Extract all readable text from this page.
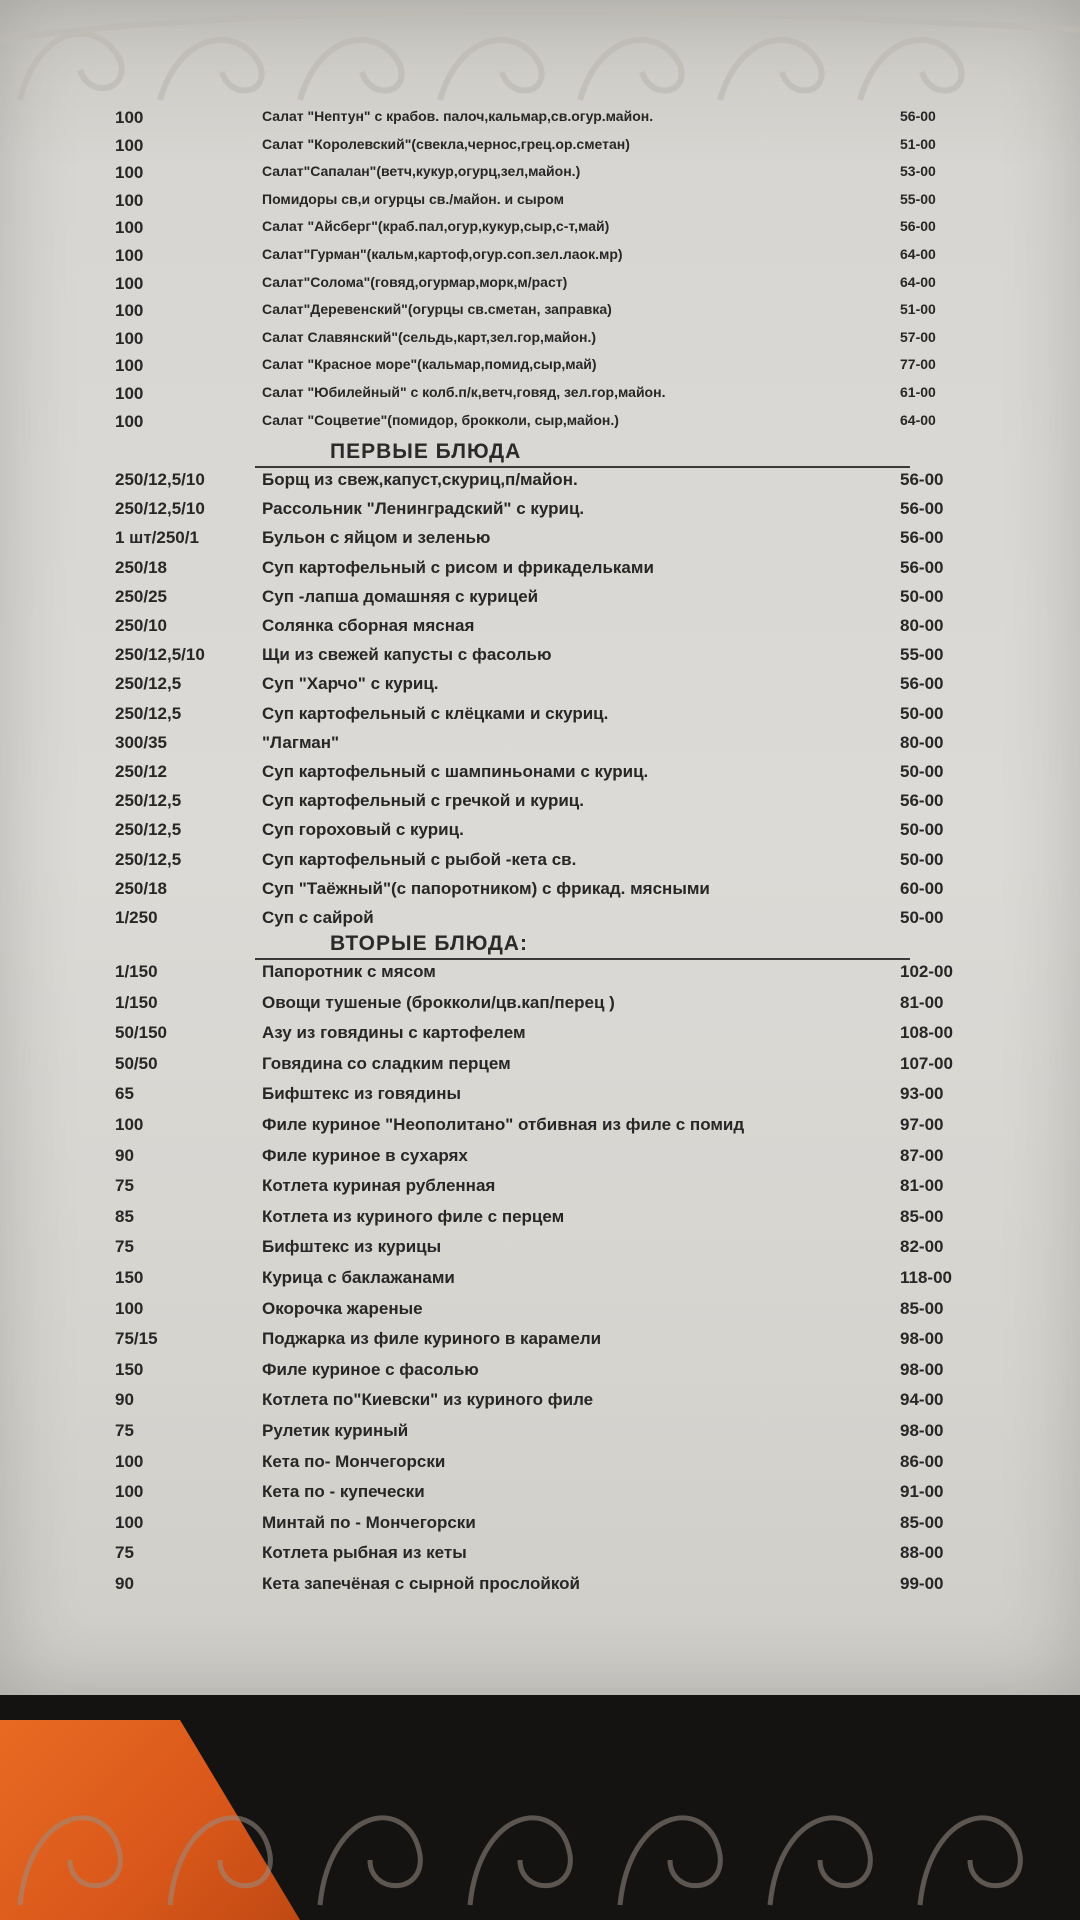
100	Салат "Нептун" с крабов. палоч,кальмар,св.огур.майон.	56-00
100	Салат "Королевский"(свекла,чернос,грец.ор.сметан)	51-00
100	Салат"Сапалан"(ветч,кукур,огурц,зел,майон.)	53-00
100	Помидоры св,и огурцы св./майон. и сыром	55-00
100	Салат "Айсберг"(краб.пал,огур,кукур,сыр,с-т,май)	56-00
100	Салат"Гурман"(кальм,картоф,огур.соп.зел.лаок.мр)	64-00
100	Салат"Солома"(говяд,огурмар,морк,м/раст)	64-00
100	Салат"Деревенский"(огурцы св.сметан, заправка)	51-00
100	Салат Славянский"(сельдь,карт,зел.гор,майон.)	57-00
100	Салат "Красное море"(кальмар,помид,сыр,май)	77-00
100	Салат "Юбилейный" с колб.п/к,ветч,говяд, зел.гор,майон.	61-00
100	Салат "Соцветие"(помидор, брокколи, сыр,майон.)	64-00
ПЕРВЫЕ БЛЮДА
250/12,5/10	Борщ из свеж,капуст,скуриц,п/майон.	56-00
250/12,5/10	Рассольник "Ленинградский" с куриц.	56-00
1 шт/250/1	Бульон с яйцом и зеленью	56-00
250/18	Суп картофельный с рисом и фрикадельками	56-00
250/25	Суп -лапша домашняя с курицей	50-00
250/10	Солянка сборная мясная	80-00
250/12,5/10	Щи из свежей капусты с фасолью	55-00
250/12,5	Суп "Харчо" с куриц.	56-00
250/12,5	Суп картофельный с клёцками и скуриц.	50-00
300/35	"Лагман"	80-00
250/12	Суп картофельный с шампиньонами с куриц.	50-00
250/12,5	Суп картофельный с гречкой и куриц.	56-00
250/12,5	Суп гороховый с куриц.	50-00
250/12,5	Суп картофельный с рыбой -кета св.	50-00
250/18	Суп "Таёжный"(с папоротником) с фрикад. мясными	60-00
1/250	Суп с сайрой	50-00
ВТОРЫЕ БЛЮДА:
1/150	Папоротник с мясом	102-00
1/150	Овощи тушеные (брокколи/цв.кап/перец )	81-00
50/150	Азу из говядины с картофелем	108-00
50/50	Говядина со сладким перцем	107-00
65	Бифштекс из говядины	93-00
100	Филе куриное "Неополитано" отбивная из филе с помид	97-00
90	Филе куриное в сухарях	87-00
75	Котлета куриная рубленная	81-00
85	Котлета из куриного филе с перцем	85-00
75	Бифштекс из курицы	82-00
150	Курица с баклажанами	118-00
100	Окорочка жареные	85-00
75/15	Поджарка из филе куриного в карамели	98-00
150	Филе куриное с фасолью	98-00
90	Котлета по"Киевски" из куриного филе	94-00
75	Рулетик куриный	98-00
100	Кета по- Мончегорски	86-00
100	Кета по - купечески	91-00
100	Минтай по - Мончегорски	85-00
75	Котлета рыбная из кеты	88-00
90	Кета запечёная с сырной прослойкой	99-00
